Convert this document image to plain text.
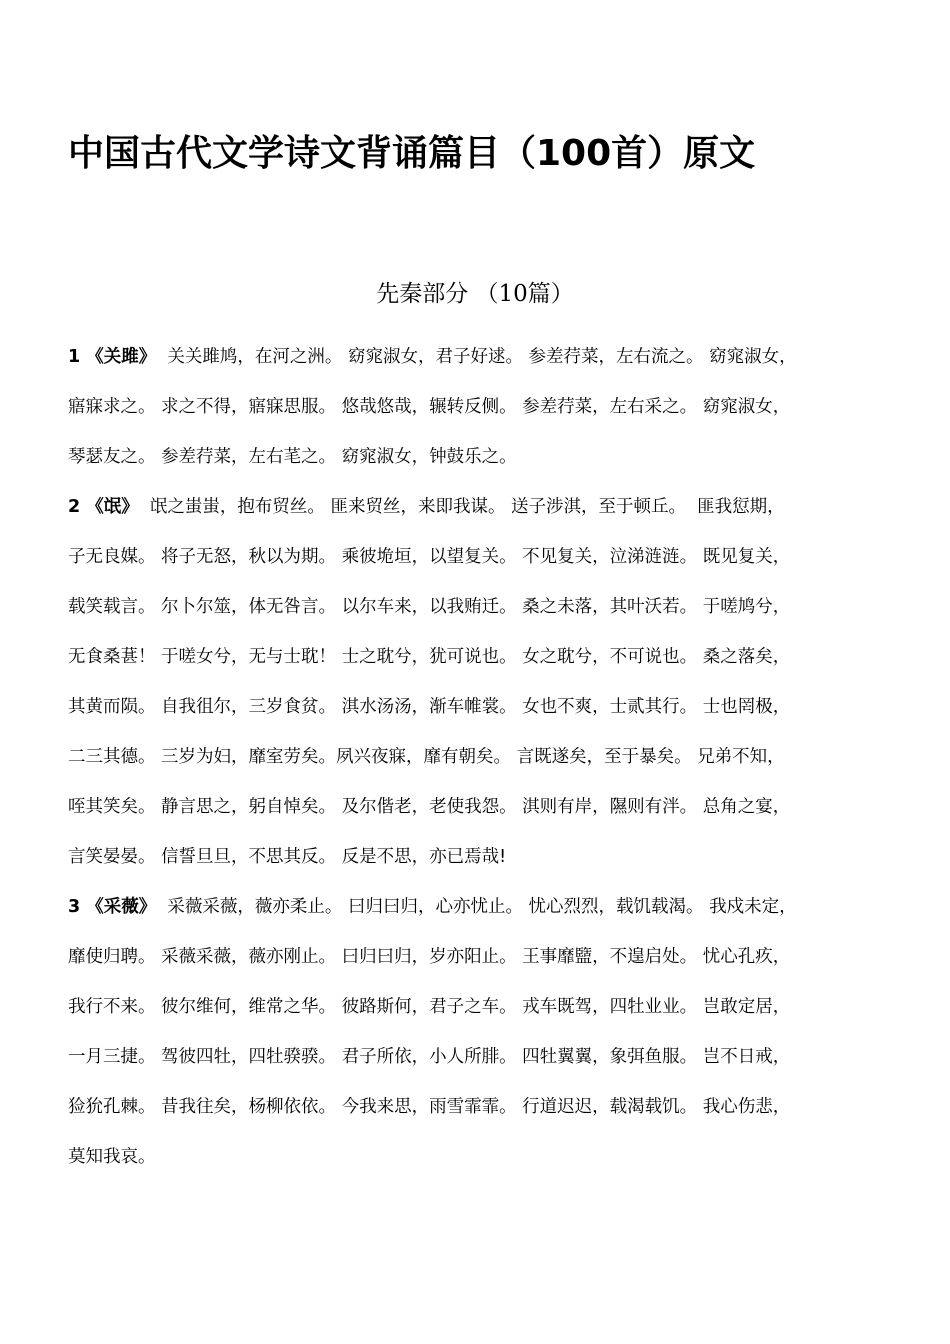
中国古代文学诗文背诵篇目（100首）原文
先秦部分 （10篇）
1 《关雎》  关关雎鸠，在河之洲。 窈窕淑女，君子好逑。 参差荇菜，左右流之。 窈窕淑女，
寤寐求之。 求之不得，寤寐思服。 悠哉悠哉，辗转反侧。 参差荇菜，左右采之。 窈窕淑女，
琴瑟友之。 参差荇菜，左右芼之。 窈窕淑女，钟鼓乐之。
2 《氓》  氓之蚩蚩，抱布贸丝。 匪来贸丝，来即我谋。 送子涉淇，至于顿丘。  匪我愆期，
子无良媒。 将子无怒，秋以为期。 乘彼垝垣，以望复关。 不见复关，泣涕涟涟。 既见复关，
载笑载言。 尔卜尔筮，体无咎言。 以尔车来，以我贿迁。 桑之未落，其叶沃若。 于嗟鸠兮，
无食桑葚！ 于嗟女兮，无与士耽！ 士之耽兮，犹可说也。 女之耽兮，不可说也。 桑之落矣，
其黄而陨。 自我徂尔，三岁食贫。 淇水汤汤，渐车帷裳。 女也不爽，士贰其行。 士也罔极，
二三其德。 三岁为妇，靡室劳矣。夙兴夜寐，靡有朝矣。 言既遂矣，至于暴矣。 兄弟不知，
咥其笑矣。 静言思之，躬自悼矣。 及尔偕老，老使我怨。 淇则有岸，隰则有泮。 总角之宴，
言笑晏晏。 信誓旦旦，不思其反。 反是不思，亦已焉哉!
3 《采薇》  采薇采薇，薇亦柔止。 曰归曰归，心亦忧止。 忧心烈烈，载饥载渴。 我戍未定，
靡使归聘。 采薇采薇，薇亦刚止。 曰归曰归，岁亦阳止。 王事靡盬，不遑启处。 忧心孔疚，
我行不来。 彼尔维何，维常之华。 彼路斯何，君子之车。 戎车既驾，四牡业业。 岂敢定居，
一月三捷。 驾彼四牡，四牡骙骙。 君子所依，小人所腓。 四牡翼翼，象弭鱼服。 岂不日戒，
猃狁孔棘。 昔我往矣，杨柳依依。 今我来思，雨雪霏霏。 行道迟迟，载渴载饥。 我心伤悲，
莫知我哀。
